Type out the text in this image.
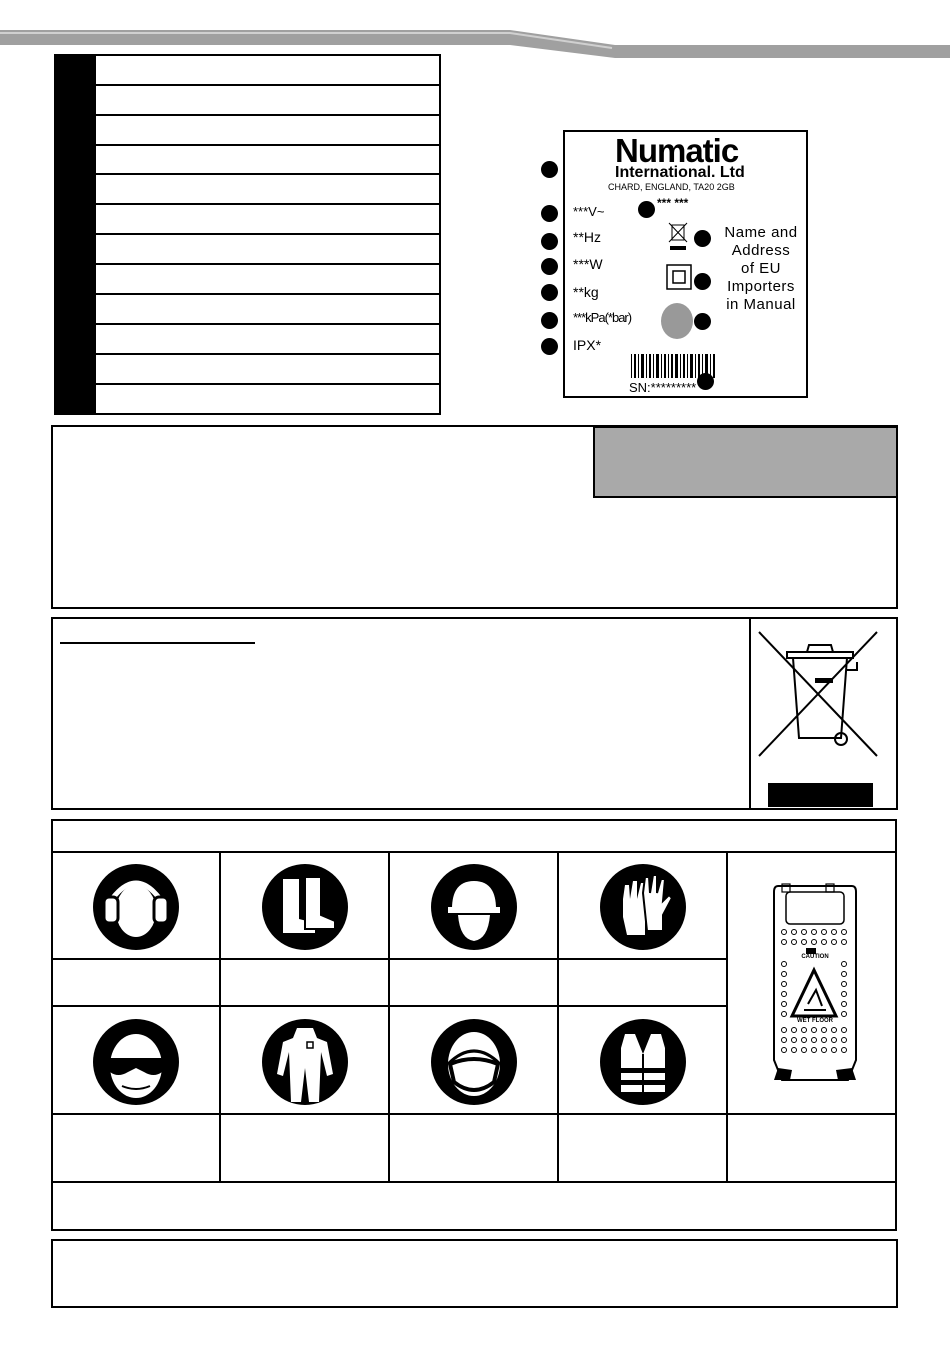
Numatic
International. Ltd
CHARD, ENGLAND, TA20 2GB
***V~
**Hz
***W
**kg
***kPa(*bar)
IPX*
*** ***
Name and
Address
of EU
Importers
in Manual
SN:*********
CAUTION
WET FLOOR
